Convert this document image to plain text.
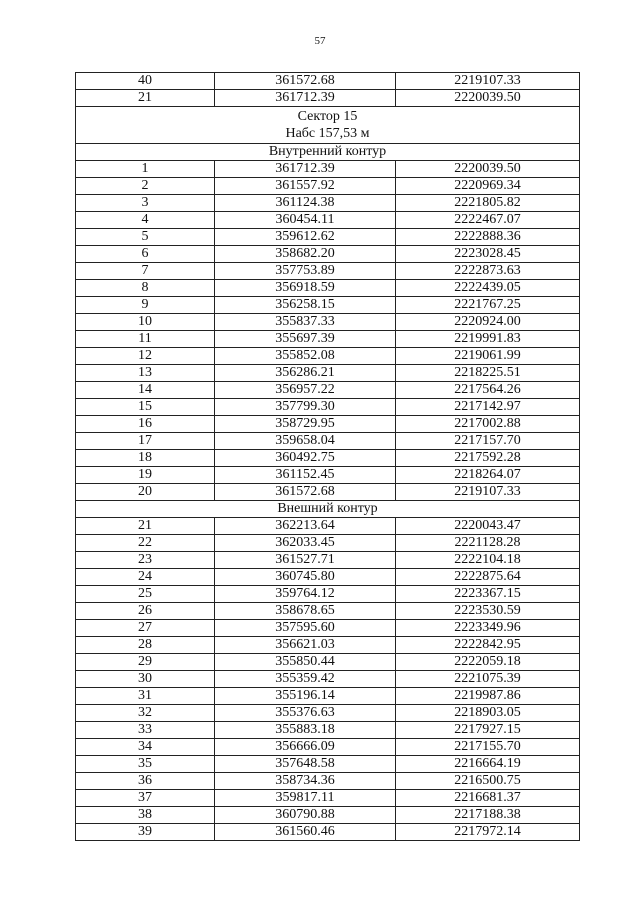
57
40	361572.68	2219107.33
21	361712.39	2220039.50

Сектор 15
Набс 157,53 м		

Внутренний контур		

1	361712.39	2220039.50
2	361557.92	2220969.34
3	361124.38	2221805.82
4	360454.11	2222467.07
5	359612.62	2222888.36
6	358682.20	2223028.45
7	357753.89	2222873.63
8	356918.59	2222439.05
9	356258.15	2221767.25
10	355837.33	2220924.00
11	355697.39	2219991.83
12	355852.08	2219061.99
13	356286.21	2218225.51
14	356957.22	2217564.26
15	357799.30	2217142.97
16	358729.95	2217002.88
17	359658.04	2217157.70
18	360492.75	2217592.28
19	361152.45	2218264.07
20	361572.68	2219107.33

Внешний контур		

21	362213.64	2220043.47
22	362033.45	2221128.28
23	361527.71	2222104.18
24	360745.80	2222875.64
25	359764.12	2223367.15
26	358678.65	2223530.59
27	357595.60	2223349.96
28	356621.03	2222842.95
29	355850.44	2222059.18
30	355359.42	2221075.39
31	355196.14	2219987.86
32	355376.63	2218903.05
33	355883.18	2217927.15
34	356666.09	2217155.70
35	357648.58	2216664.19
36	358734.36	2216500.75
37	359817.11	2216681.37
38	360790.88	2217188.38
39	361560.46	2217972.14
